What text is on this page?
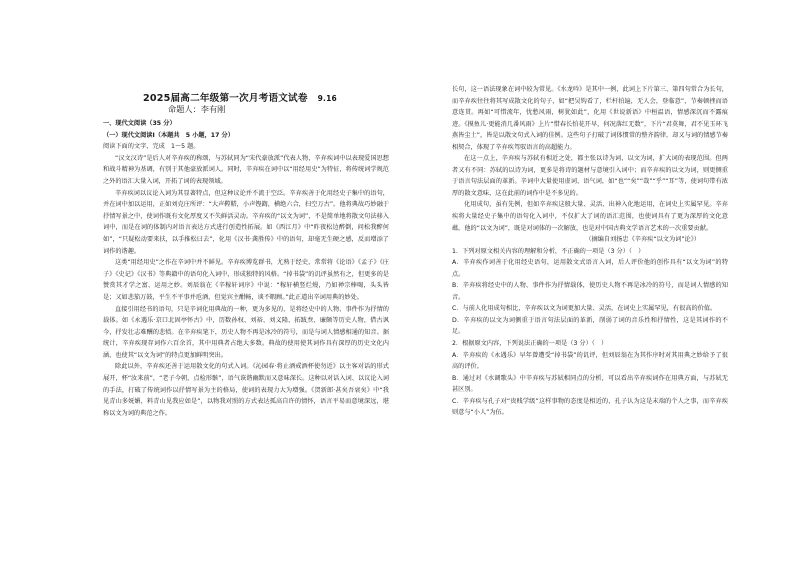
2025届高二年级第一次月考语文试卷 9.16
命题人：李有刚

一、现代文阅读（35 分）

（一）现代文阅读Ⅰ（本题共　5 小题，17 分）

阅读下面的文字，完成　1～5 题。

“汉文汉诗”是后人对辛弃疾的称颂，与苏轼同为“宋代豪放派”代表人物，辛弃疾词中以表现爱国思想和战斗精神为基调，有别于其他豪放派词人。同时，辛弃疾在词中以“用经用史”为特征，将传统词学规范之外的语汇大量入词，开拓了词的表现领域。

辛弃疾词以议论入词为其显著特点，但这种议论并不流于空泛。辛弃疾善于化用经史子集中的语句，并在词中加以运用，正如刘克庄所评：“大声鞺鞳，小声铿鍧，横绝六合，扫空万古”。他将典故巧妙融于抒情写景之中，使词作既有文化厚度又不失鲜活灵动。辛弃疾的“以文为词”，不是简单地将散文句法移入词中，而是在词的体制内对语言表达方式进行创造性拓展。如《西江月》中“昨夜松边醉倒，问松我醉何如”，“只疑松动要来扶，以手推松曰去”，化用《汉书·龚胜传》中的语句，却毫无生硬之感，反而增添了词作的谐趣。

这类“用经用史”之作在辛词中并不鲜见。辛弃疾博览群书，尤熟于经史，常常将《论语》《孟子》《庄子》《史记》《汉书》等典籍中的语句化入词中，形成独特的风格。“掉书袋”的讥评虽然有之，但更多的是赞赏其才学之富、运用之妙。刘辰翁在《辛稼轩词序》中说：“稼轩横竖烂熳，乃如禅宗棒喝，头头皆是；又如悲笳万鼓，平生不平事并卮酒，但觉宾主酣畅，谈不暇顾。”此正道出辛词用典的妙处。

直接引用经书的语句，只是辛词化用典故的一种，更为多见的，是将经史中的人物、事件作为抒情的载体。如《永遇乐·京口北固亭怀古》中，历数孙权、刘裕、刘义隆、拓跋焘、廉颇等历史人物，借古讽今，抒发壮志难酬的悲愤。在辛弃疾笔下，历史人物不再是冰冷的符号，而是与词人情感相通的知音。据统计，辛弃疾现存词作六百余首，其中用典者占绝大多数。典故的使用使其词作具有深厚的历史文化内涵，也使其“以文为词”的特点更加鲜明突出。

除此以外，辛弃疾还善于运用散文化的句式入词。《沁园春·将止酒戒酒杯使勿近》以主客对话的形式展开，杯“汝来前”，“老子今朝，点检形骸”，语气诙谐幽默而又意味深长。这种以对话入词、以议论入词的手法，打破了传统词作以抒情写景为主的格局，使词的表现力大为增强。《贺新郎·甚矣吾衰矣》中“我见青山多妩媚，料青山见我应如是”，以物我对照的方式表达孤高自许的情怀，语言平易而意境深远，堪称以文为词的典范之作。

长句，这一语法现象在词中较为常见。《水龙吟》是其中一例，此词上下片第三、第四句常合为长句，而辛弃疾往往将其写成散文化的句子，如“把吴钩看了，栏杆拍遍，无人会，登临意”，节奏顿挫而语意连贯。再如“可惜流年，忧愁风雨，树犹如此”，化用《世说新语》中桓温语，情感深沉而不露痕迹。《摸鱼儿·更能消几番风雨》上片“惜春长怕花开早，何况落红无数”，下片“君莫舞，君不见玉环飞燕皆尘土”，皆是以散文句式入词的佳例。这些句子打破了词体惯常的整齐韵律，却又与词的情感节奏相契合，体现了辛弃疾驾驭语言的高超能力。

在这一点上，辛弃疾与苏轼有相近之处，都主张以诗为词、以文为词，扩大词的表现范围。但两者又有不同：苏轼的以诗为词，更多是将诗的题材与意境引入词中；而辛弃疾的以文为词，则更侧重于语言句法层面的革新。辛词中大量使用虚词、语气词，如“也”“矣”“哉”“乎”“耳”等，使词句带有浓厚的散文意味，这在此前的词作中是不多见的。

化用成句，虽有先例，但如辛弃疾这般大量、灵活、出神入化地运用，在词史上实属罕见。辛弃疾将大量经史子集中的语句化入词中，不仅扩大了词的语汇范围，也使词具有了更为深厚的文化意蕴。他的“以文为词”，既是对词体的一次解放，也是对中国古典文学语言艺术的一次重要贡献。

（摘编自刘扬忠《辛弃疾“以文为词”论》）

1．下列对原文相关内容的理解和分析，不正确的一项是（3 分）（　）

A．辛弃疾作词善于化用经史语句，运用散文式语言入词，后人评价他的创作具有“以文为词”的特点。

B．辛弃疾将经史中的人物、事件作为抒情载体，使历史人物不再是冰冷的符号，而是词人情感的知音。

C．与前人化用成句相比，辛弃疾以文为词更加大量、灵活，在词史上实属罕见，有很高的价值。

D．辛弃疾的以文为词侧重于语言句法层面的革新，削弱了词的音乐性和抒情性，这是其词作的不足。

2．根据原文内容，下列说法正确的一项是（3 分）（　）

A．辛弃疾的《永遇乐》早年曾遭受“掉书袋”的讥评，但刘辰翁在为其作序时对其用典之妙给予了很高的评价。

B．通过对《水调歌头》中辛弃疾与苏轼相同点的分析，可以看出辛弃疾词作在用典方面，与苏轼无甚区别。

C．辛弃疾与孔子对“贵贱学级”这样事物的态度是相近的，孔子认为这是末端的个人之事，而辛弃疾则意与“小人”为伍。
